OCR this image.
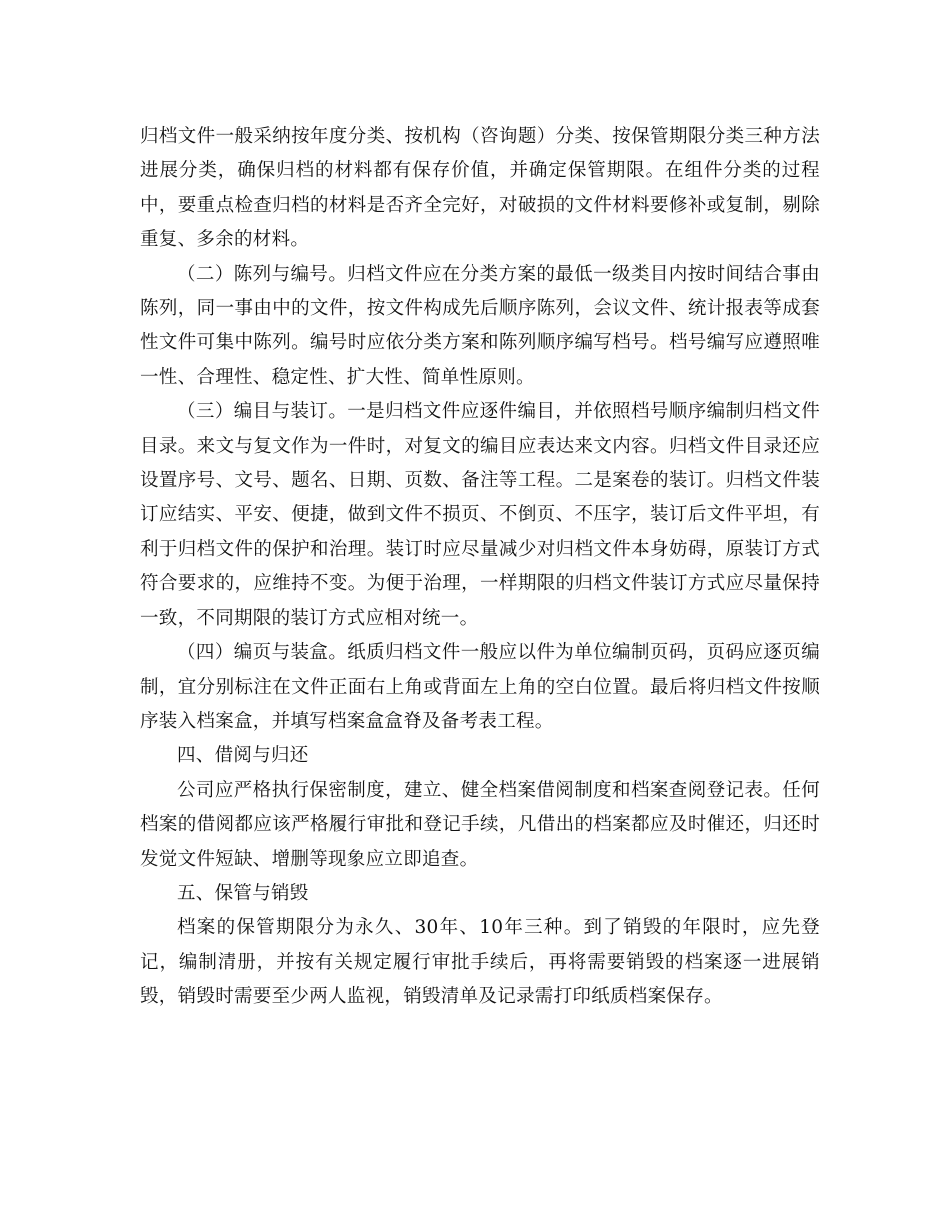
归档文件一般采纳按年度分类、按机构（咨询题）分类、按保管期限分类三种方法进展分类，确保归档的材料都有保存价值，并确定保管期限。在组件分类的过程中，要重点检查归档的材料是否齐全完好，对破损的文件材料要修补或复制，剔除重复、多余的材料。

（二）陈列与编号。归档文件应在分类方案的最低一级类目内按时间结合事由陈列，同一事由中的文件，按文件构成先后顺序陈列，会议文件、统计报表等成套性文件可集中陈列。编号时应依分类方案和陈列顺序编写档号。档号编写应遵照唯一性、合理性、稳定性、扩大性、简单性原则。

（三）编目与装订。一是归档文件应逐件编目，并依照档号顺序编制归档文件目录。来文与复文作为一件时，对复文的编目应表达来文内容。归档文件目录还应设置序号、文号、题名、日期、页数、备注等工程。二是案卷的装订。归档文件装订应结实、平安、便捷，做到文件不损页、不倒页、不压字，装订后文件平坦，有利于归档文件的保护和治理。装订时应尽量减少对归档文件本身妨碍，原装订方式符合要求的，应维持不变。为便于治理，一样期限的归档文件装订方式应尽量保持一致，不同期限的装订方式应相对统一。

（四）编页与装盒。纸质归档文件一般应以件为单位编制页码，页码应逐页编制，宜分别标注在文件正面右上角或背面左上角的空白位置。最后将归档文件按顺序装入档案盒，并填写档案盒盒脊及备考表工程。

四、借阅与归还

公司应严格执行保密制度，建立、健全档案借阅制度和档案查阅登记表。任何档案的借阅都应该严格履行审批和登记手续，凡借出的档案都应及时催还，归还时发觉文件短缺、增删等现象应立即追查。

五、保管与销毁

档案的保管期限分为永久、30年、10年三种。到了销毁的年限时，应先登记，编制清册，并按有关规定履行审批手续后，再将需要销毁的档案逐一进展销毁，销毁时需要至少两人监视，销毁清单及记录需打印纸质档案保存。
